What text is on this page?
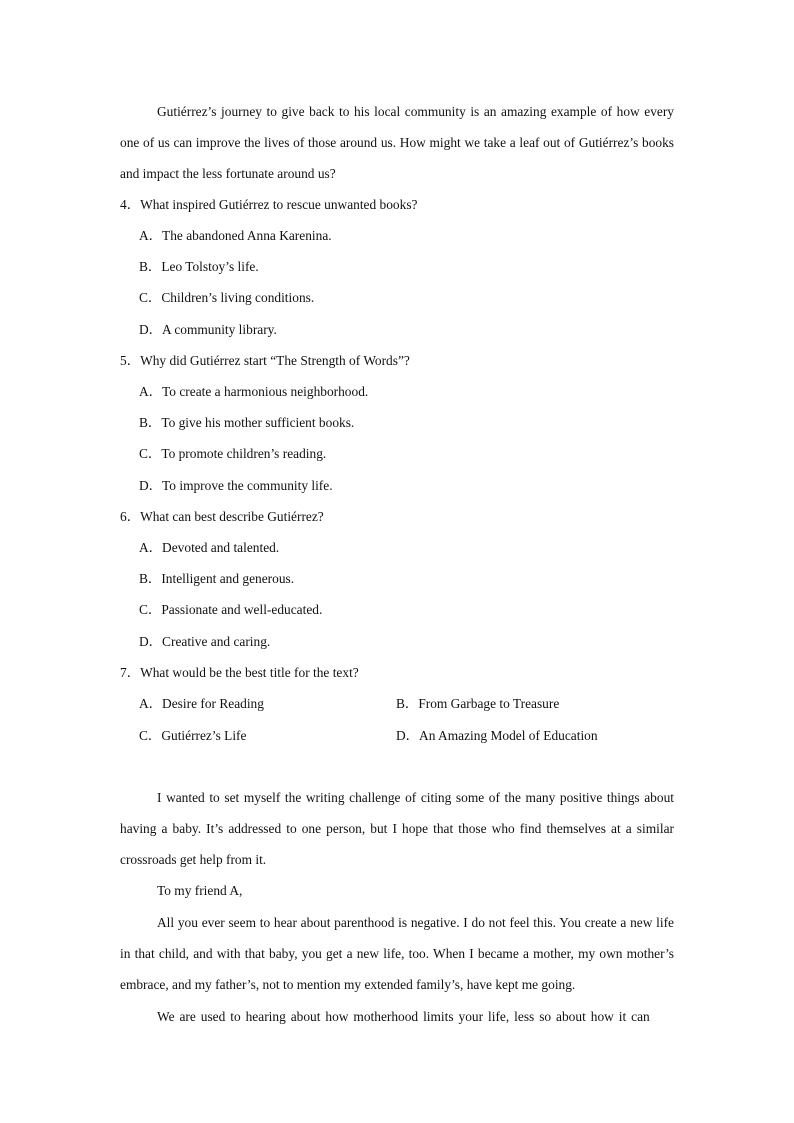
Gutiérrez’s journey to give back to his local community is an amazing example of how every one of us can improve the lives of those around us. How might we take a leaf out of Gutiérrez’s books and impact the less fortunate around us?

4．What inspired Gutiérrez to rescue unwanted books?

A．The abandoned Anna Karenina.

B．Leo Tolstoy’s life.

C．Children’s living conditions.

D．A community library.

5．Why did Gutiérrez start “The Strength of Words”?

A．To create a harmonious neighborhood.

B．To give his mother sufficient books.

C．To promote children’s reading.

D．To improve the community life.

6．What can best describe Gutiérrez?

A．Devoted and talented.

B．Intelligent and generous.

C．Passionate and well-educated.

D．Creative and caring.

7．What would be the best title for the text?

A．Desire for Reading	B．From Garbage to Treasure

C．Gutiérrez’s Life	D．An Amazing Model of Education

I wanted to set myself the writing challenge of citing some of the many positive things about having a baby. It’s addressed to one person, but I hope that those who find themselves at a similar crossroads get help from it.

To my friend A,

All you ever seem to hear about parenthood is negative. I do not feel this. You create a new life in that child, and with that baby, you get a new life, too. When I became a mother, my own mother’s embrace, and my father’s, not to mention my extended family’s, have kept me going.

We are used to hearing about how motherhood limits your life, less so about how it can
